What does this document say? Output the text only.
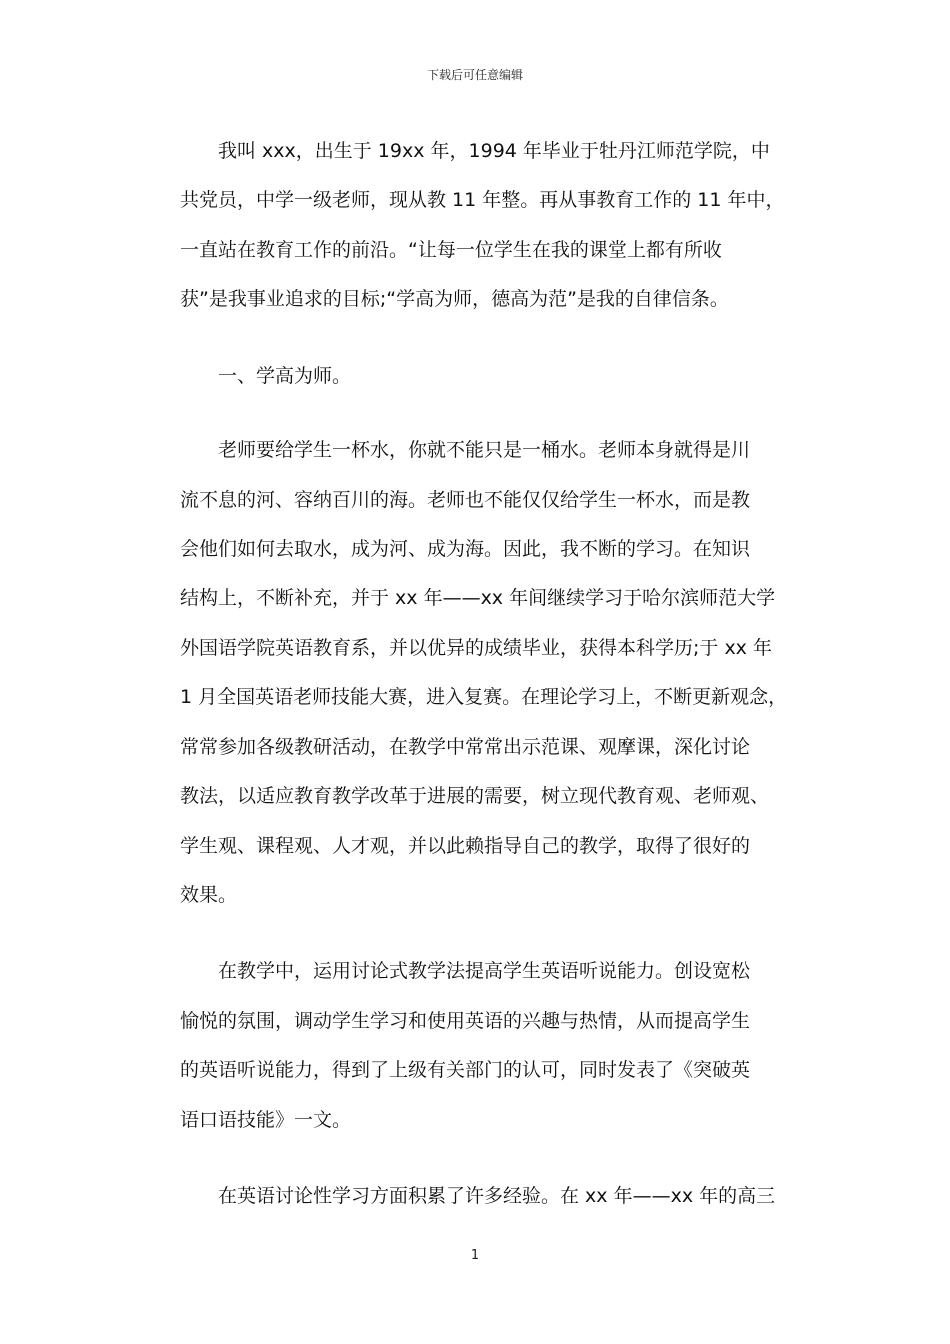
下载后可任意编辑
我叫 xxx，出生于 19xx 年，1994 年毕业于牡丹江师范学院，中
共党员，中学一级老师，现从教 11 年整。再从事教育工作的 11 年中，
一直站在教育工作的前沿。“让每一位学生在我的课堂上都有所收
获”是我事业追求的目标;“学高为师，德高为范”是我的自律信条。
一、学高为师。
老师要给学生一杯水，你就不能只是一桶水。老师本身就得是川
流不息的河、容纳百川的海。老师也不能仅仅给学生一杯水，而是教
会他们如何去取水，成为河、成为海。因此，我不断的学习。在知识
结构上，不断补充，并于 xx 年——xx 年间继续学习于哈尔滨师范大学
外国语学院英语教育系，并以优异的成绩毕业，获得本科学历;于 xx 年
1 月全国英语老师技能大赛，进入复赛。在理论学习上，不断更新观念，
常常参加各级教研活动，在教学中常常出示范课、观摩课，深化讨论
教法，以适应教育教学改革于进展的需要，树立现代教育观、老师观、
学生观、课程观、人才观，并以此赖指导自己的教学，取得了很好的
效果。
在教学中，运用讨论式教学法提高学生英语听说能力。创设宽松
愉悦的氛围，调动学生学习和使用英语的兴趣与热情，从而提高学生
的英语听说能力，得到了上级有关部门的认可，同时发表了《突破英
语口语技能》一文。
在英语讨论性学习方面积累了许多经验。在 xx 年——xx 年的高三
1
